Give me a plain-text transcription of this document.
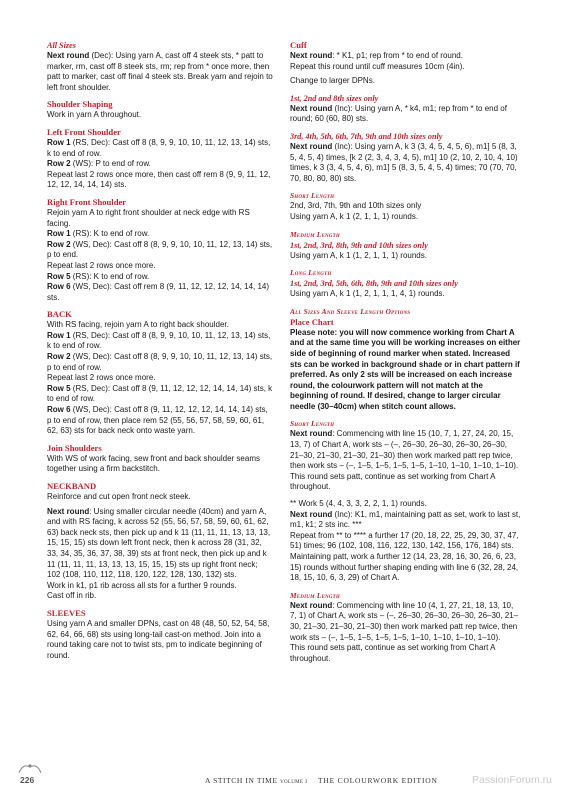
All Sizes
Next round (Dec): Using yarn A, cast off 4 steek sts, * patt to marker, rm, cast off 8 steek sts, rm; rep from * once more, then patt to marker, cast off final 4 steek sts. Break yarn and rejoin to left front shoulder.
Shoulder Shaping
Work in yarn A throughout.
Left Front Shoulder
Row 1 (RS, Dec): Cast off 8 (8, 9, 9, 10, 10, 11, 12, 13, 14) sts, k to end of row.
Row 2 (WS): P to end of row.
Repeat last 2 rows once more, then cast off rem 8 (9, 9, 11, 12, 12, 12, 14, 14, 14) sts.
Right Front Shoulder
Rejoin yarn A to right front shoulder at neck edge with RS facing.
Row 1 (RS): K to end of row.
Row 2 (WS, Dec): Cast off 8 (8, 9, 9, 10, 10, 11, 12, 13, 14) sts, p to end.
Repeat last 2 rows once more.
Row 5 (RS): K to end of row.
Row 6 (WS, Dec): Cast off rem 8 (9, 11, 12, 12, 12, 14, 14, 14) sts.
BACK
With RS facing, rejoin yarn A to right back shoulder.
Row 1 (RS, Dec): Cast off 8 (8, 9, 9, 10, 10, 11, 12, 13, 14) sts, k to end of row.
Row 2 (WS, Dec): Cast off 8 (8, 9, 9, 10, 10, 11, 12, 13, 14) sts, p to end of row.
Repeat last 2 rows once more.
Row 5 (RS, Dec): Cast off 8 (9, 11, 12, 12, 12, 14, 14, 14) sts, k to end of row.
Row 6 (WS, Dec): Cast off 8 (9, 11, 12, 12, 12, 14, 14, 14) sts, p to end of row, then place rem 52 (55, 56, 57, 58, 59, 60, 61, 62, 63) sts for back neck onto waste yarn.
Join Shoulders
With WS of work facing, sew front and back shoulder seams together using a firm backstitch.
NECKBAND
Reinforce and cut open front neck steek.
Next round: Using smaller circular needle (40cm) and yarn A, and with RS facing, k across 52 (55, 56, 57, 58, 59, 60, 61, 62, 63) back neck sts, then pick up and k 11 (11, 11, 11, 13, 13, 13, 15, 15, 15) sts down left front neck, then k across 28 (31, 32, 33, 34, 35, 36, 37, 38, 39) sts at front neck, then pick up and k 11 (11, 11, 11, 13, 13, 13, 15, 15, 15) sts up right front neck; 102 (108, 110, 112, 118, 120, 122, 128, 130, 132) sts.
Work in k1, p1 rib across all sts for a further 9 rounds.
Cast off in rib.
SLEEVES
Using yarn A and smaller DPNs, cast on 48 (48, 50, 52, 54, 58, 62, 64, 66, 68) sts using long-tail cast-on method. Join into a round taking care not to twist sts, pm to indicate beginning of round.
Cuff
Next round: * K1, p1; rep from * to end of round.
Repeat this round until cuff measures 10cm (4in).
Change to larger DPNs.
1st, 2nd and 8th sizes only
Next round (Inc): Using yarn A, * k4, m1; rep from * to end of round; 60 (60, 80) sts.
3rd, 4th, 5th, 6th, 7th, 9th and 10th sizes only
Next round (Inc): Using yarn A, k 3 (3, 4, 5, 4, 5, 6), m1] 5 (8, 3, 5, 4, 5, 4) times, [k 2 (2, 3, 4, 3, 4, 5), m1] 10 (2, 10, 2, 10, 4, 10) times, k 3 (3, 4, 5, 4, 6), m1] 5 (8, 3, 5, 4, 5, 4) times; 70 (70, 70, 70, 80, 80, 80) sts.
Short Length
2nd, 3rd, 7th, 9th and 10th sizes only
Using yarn A, k 1 (2, 1, 1, 1) rounds.
Medium Length
1st, 2nd, 3rd, 8th, 9th and 10th sizes only
Using yarn A, k 1 (1, 2, 1, 1, 1) rounds.
Long Length
1st, 2nd, 3rd, 5th, 6th, 8th, 9th and 10th sizes only
Using yarn A, k 1 (1, 2, 1, 1, 1, 4, 1) rounds.
All Sizes And Sleeve Length Options
Place Chart
Please note: you will now commence working from Chart A and at the same time you will be working increases on either side of beginning of round marker when stated. Increased sts can be worked in background shade or in chart pattern if preferred. As only 2 sts will be increased on each increase round, the colourwork pattern will not match at the beginning of round. If desired, change to larger circular needle (30–40cm) when stitch count allows.
Short Length
Next round: Commencing with line 15 (10, 7, 1, 27, 24, 20, 15, 13, 7) of Chart A, work sts – (–, 26–30, 26–30, 26–30, 26–30, 21–30, 21–30, 21–30, 21–30) then work marked patt rep twice, then work sts – (–, 1–5, 1–5, 1–5, 1–5, 1–10, 1–10, 1–10, 1–10).
This round sets patt, continue as set working from Chart A throughout.
** Work 5 (4, 4, 3, 3, 2, 2, 1, 1) rounds.
Next round (Inc): K1, m1, maintaining patt as set, work to last st, m1, k1; 2 sts inc. ***
Repeat from ** to **** a further 17 (20, 18, 22, 25, 29, 30, 37, 47, 51) times; 96 (102, 108, 116, 122, 130, 142, 156, 176, 184) sts.
Maintaining patt, work a further 12 (14, 23, 28, 16, 30, 26, 6, 23, 15) rounds without further shaping ending with line 6 (32, 28, 24, 18, 15, 10, 6, 3, 29) of Chart A.
Medium Length
Next round: Commencing with line 10 (4, 1, 27, 21, 18, 13, 10, 7, 1) of Chart A, work sts – (–, 26–30, 26–30, 26–30, 26–30, 21–30, 21–30, 21–30, 21–30) then work marked patt rep twice, then work sts – (–, 1–5, 1–5, 1–5, 1–5, 1–10, 1–10, 1–10, 1–10).
This round sets patt, continue as set working from Chart A throughout.
226	A STITCH IN TIME VOLUME 3 THE COLOURWORK EDITION	PassionForum.ru
